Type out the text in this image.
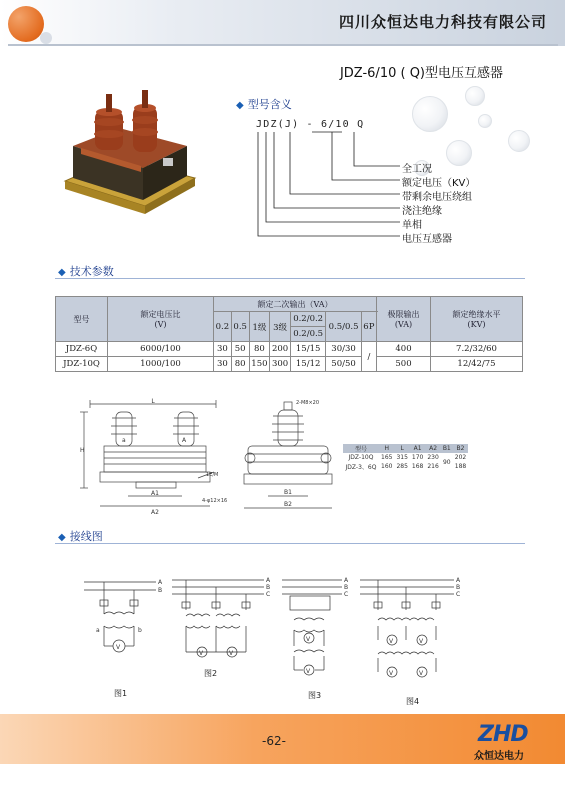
四川众恒达电力科技有限公司
JDZ-6/10 ( Q)型电压互感器
◆ 型号含义
JDZ(J) - 6/10 Q
全工况
额定电压（KV）
带剩余电压绕组
浇注绝缘
单相
电压互感器
◆ 技术参数
型号	额定电压比
(V)	额定二次输出（VA）							极限输出
(VA)	额定绝缘水平
(KV)
		0.2	0.5	1级	3级	0.2/0.2	0.5/0.5	6P		
						0.2/0.5				
JDZ-6Q	6000/100	30	50	80	200	15/15	30/30	/	400	7.2/32/60
JDZ-10Q	1000/100	30	80	150	300	15/12	50/50		500	12/42/75
L
H
a	A
A1
A2
4-φ12×16
1E/M
2-M8×20
B1
B2
型号	H	L	A1	A2	B1	B2
JDZ-10Q	165	315	170	230	90	202
JDZ-3、6Q	160	285	168	216		188
◆ 接线图
A
B
a	b
V
图1
A
B
C
V	V
图2
A
B
C
V
V
图3
A
B
C
V	V
V	V
图4
-62-	ZHD
众恒达电力
